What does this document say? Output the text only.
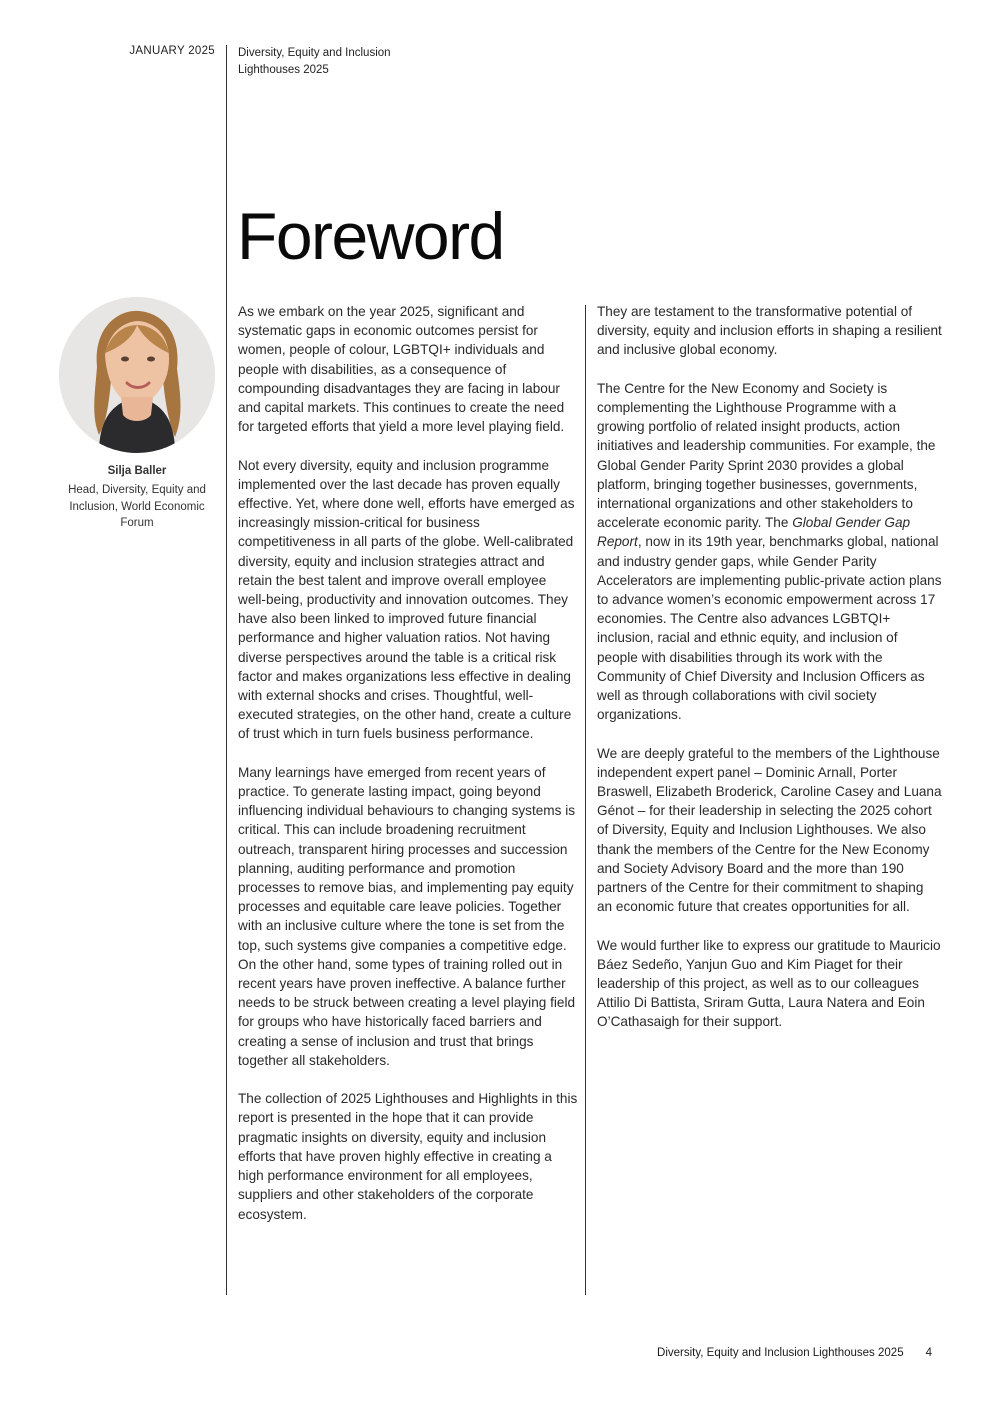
JANUARY 2025 Diversity, Equity and Inclusion
Lighthouses 2025
Foreword
Silja Baller
Head, Diversity, Equity and Inclusion, World Economic Forum

As we embark on the year 2025, significant and systematic gaps in economic outcomes persist for women, people of colour, LGBTQI+ individuals and people with disabilities, as a consequence of compounding disadvantages they are facing in labour and capital markets. This continues to create the need for targeted efforts that yield a more level playing field.

Not every diversity, equity and inclusion programme implemented over the last decade has proven equally effective. Yet, where done well, efforts have emerged as increasingly mission-critical for business competitiveness in all parts of the globe. Well-calibrated diversity, equity and inclusion strategies attract and retain the best talent and improve overall employee well-being, productivity and innovation outcomes. They have also been linked to improved future financial performance and higher valuation ratios. Not having diverse perspectives around the table is a critical risk factor and makes organizations less effective in dealing with external shocks and crises. Thoughtful, well-executed strategies, on the other hand, create a culture of trust which in turn fuels business performance.

Many learnings have emerged from recent years of practice. To generate lasting impact, going beyond influencing individual behaviours to changing systems is critical. This can include broadening recruitment outreach, transparent hiring processes and succession planning, auditing performance and promotion processes to remove bias, and implementing pay equity processes and equitable care leave policies. Together with an inclusive culture where the tone is set from the top, such systems give companies a competitive edge. On the other hand, some types of training rolled out in recent years have proven ineffective. A balance further needs to be struck between creating a level playing field for groups who have historically faced barriers and creating a sense of inclusion and trust that brings together all stakeholders.

The collection of 2025 Lighthouses and Highlights in this report is presented in the hope that it can provide pragmatic insights on diversity, equity and inclusion efforts that have proven highly effective in creating a high performance environment for all employees, suppliers and other stakeholders of the corporate ecosystem.

They are testament to the transformative potential of diversity, equity and inclusion efforts in shaping a resilient and inclusive global economy.

The Centre for the New Economy and Society is complementing the Lighthouse Programme with a growing portfolio of related insight products, action initiatives and leadership communities. For example, the Global Gender Parity Sprint 2030 provides a global platform, bringing together businesses, governments, international organizations and other stakeholders to accelerate economic parity. The Global Gender Gap Report, now in its 19th year, benchmarks global, national and industry gender gaps, while Gender Parity Accelerators are implementing public-private action plans to advance women’s economic empowerment across 17 economies. The Centre also advances LGBTQI+ inclusion, racial and ethnic equity, and inclusion of people with disabilities through its work with the Community of Chief Diversity and Inclusion Officers as well as through collaborations with civil society organizations.

We are deeply grateful to the members of the Lighthouse independent expert panel – Dominic Arnall, Porter Braswell, Elizabeth Broderick, Caroline Casey and Luana Génot – for their leadership in selecting the 2025 cohort of Diversity, Equity and Inclusion Lighthouses. We also thank the members of the Centre for the New Economy and Society Advisory Board and the more than 190 partners of the Centre for their commitment to shaping an economic future that creates opportunities for all.

We would further like to express our gratitude to Mauricio Báez Sedeño, Yanjun Guo and Kim Piaget for their leadership of this project, as well as to our colleagues Attilio Di Battista, Sriram Gutta, Laura Natera and Eoin O’Cathasaigh for their support.

Diversity, Equity and Inclusion Lighthouses 2025 4
